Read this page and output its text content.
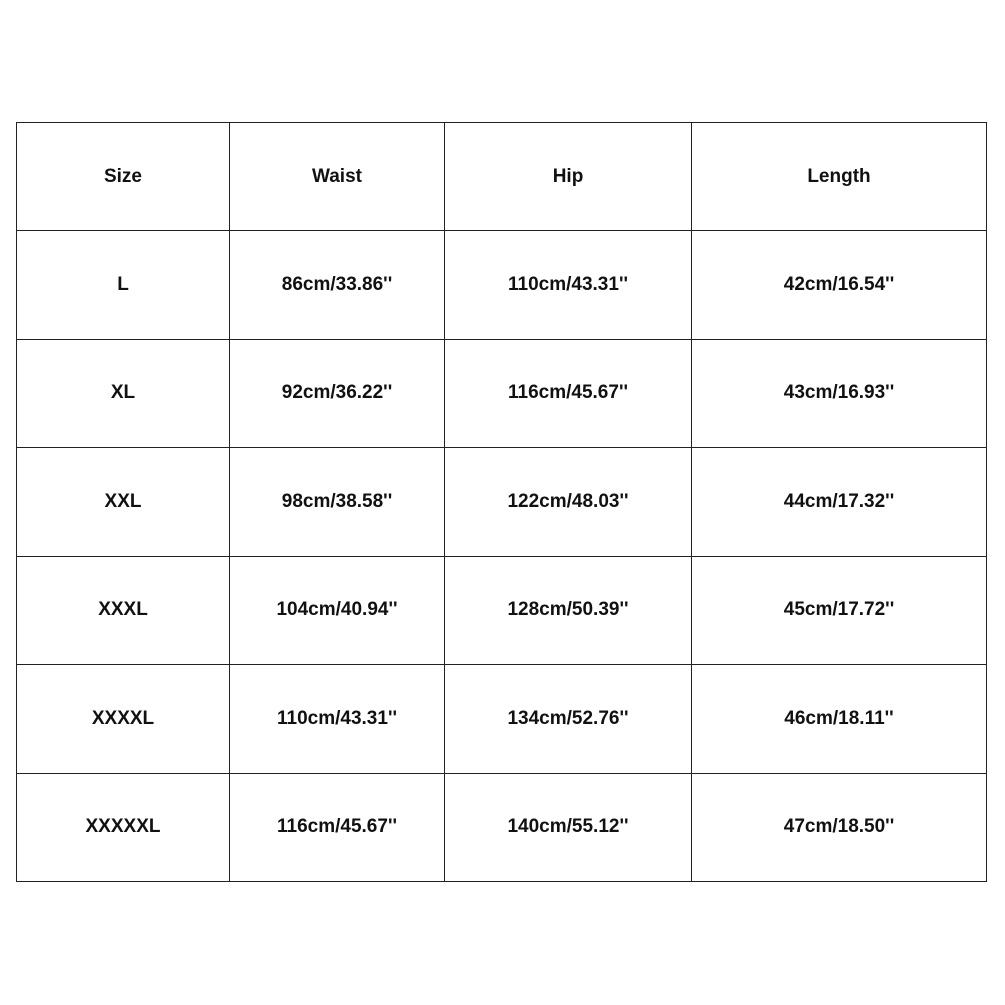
Size	Waist	Hip	Length
L	86cm/33.86''	110cm/43.31''	42cm/16.54''
XL	92cm/36.22''	116cm/45.67''	43cm/16.93''
XXL	98cm/38.58''	122cm/48.03''	44cm/17.32''
XXXL	104cm/40.94''	128cm/50.39''	45cm/17.72''
XXXXL	110cm/43.31''	134cm/52.76''	46cm/18.11''
XXXXXL	116cm/45.67''	140cm/55.12''	47cm/18.50''
